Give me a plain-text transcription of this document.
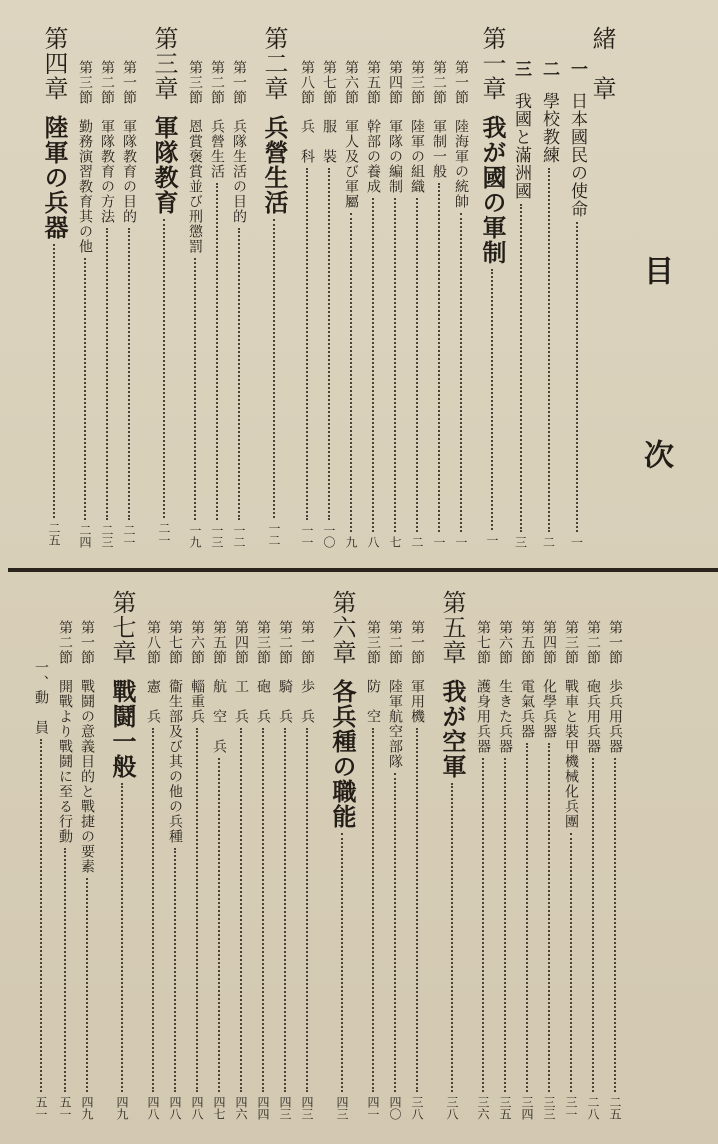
目　次
緒　章
一
日本國民の使命
一
二
學校教練
二
三
我國と滿洲國
三
第一章
我が國の軍制
一
第一節
陸海軍の統帥
一
第二節
軍制一般
一
第三節
陸軍の組織
二
第四節
軍隊の編制
七
第五節
幹部の養成
八
第六節
軍人及び軍屬
九
第七節
服　裝
一〇
第八節
兵　科
一一
第二章
兵營生活
一二
第一節
兵隊生活の目的
一二
第二節
兵營生活
一三
第三節
恩賞褒賞並び刑懲罰
一九
第三章
軍隊教育
二一
第一節
軍隊教育の目的
二一
第二節
軍隊教育の方法
二三
第三節
勤務演習教育其の他
二四
第四章
陸軍の兵器
二五
第一節
歩兵用兵器
二五
第二節
砲兵用兵器
二八
第三節
戰車と裝甲機械化兵團
三一
第四節
化學兵器
三三
第五節
電氣兵器
三四
第六節
生きた兵器
三五
第七節
護身用兵器
三六
第五章
我が空軍
三八
第一節
軍用機
三八
第二節
陸軍航空部隊
四〇
第三節
防　空
四一
第六章
各兵種の職能
四三
第一節
歩　兵
四三
第二節
騎　兵
四三
第三節
砲　兵
四四
第四節
工　兵
四六
第五節
航　空　兵
四七
第六節
輜重兵
四八
第七節
衞生部及び其の他の兵種
四八
第八節
憲　兵
四八
第七章
戰鬪一般
四九
第一節
戰鬪の意義目的と戰捷の要素
四九
第二節
開戰より戰鬪に至る行動
五一
一、
動　員
五一
